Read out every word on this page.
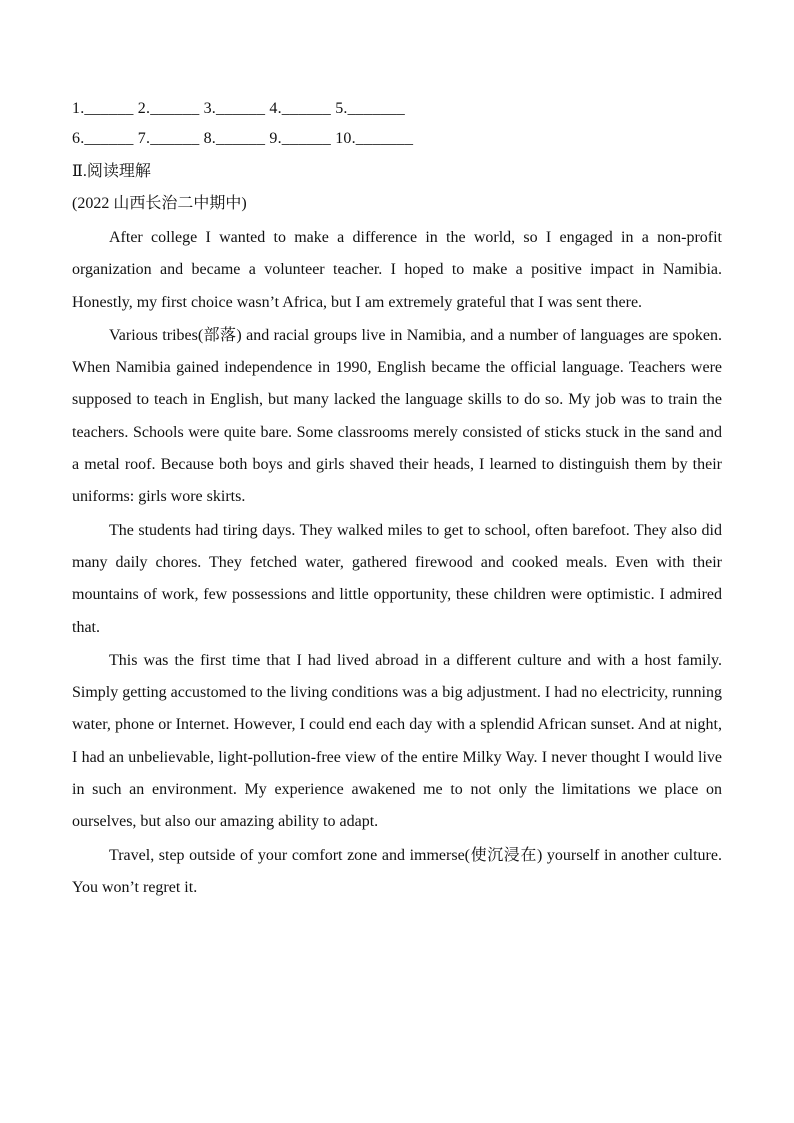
1.______ 2.______ 3.______ 4.______ 5._______
6.______ 7.______ 8.______ 9.______ 10._______
Ⅱ.阅读理解
(2022 山西长治二中期中)

After college I wanted to make a difference in the world, so I engaged in a non-profit organization and became a volunteer teacher. I hoped to make a positive impact in Namibia. Honestly, my first choice wasn’t Africa, but I am extremely grateful that I was sent there.

Various tribes(部落) and racial groups live in Namibia, and a number of languages are spoken. When Namibia gained independence in 1990, English became the official language. Teachers were supposed to teach in English, but many lacked the language skills to do so. My job was to train the teachers. Schools were quite bare. Some classrooms merely consisted of sticks stuck in the sand and a metal roof. Because both boys and girls shaved their heads, I learned to distinguish them by their uniforms: girls wore skirts.

The students had tiring days. They walked miles to get to school, often barefoot. They also did many daily chores. They fetched water, gathered firewood and cooked meals. Even with their mountains of work, few possessions and little opportunity, these children were optimistic. I admired that.

This was the first time that I had lived abroad in a different culture and with a host family. Simply getting accustomed to the living conditions was a big adjustment. I had no electricity, running water, phone or Internet. However, I could end each day with a splendid African sunset. And at night, I had an unbelievable, light-pollution-free view of the entire Milky Way. I never thought I would live in such an environment. My experience awakened me to not only the limitations we place on ourselves, but also our amazing ability to adapt.

Travel, step outside of your comfort zone and immerse(使沉浸在) yourself in another culture. You won’t regret it.
